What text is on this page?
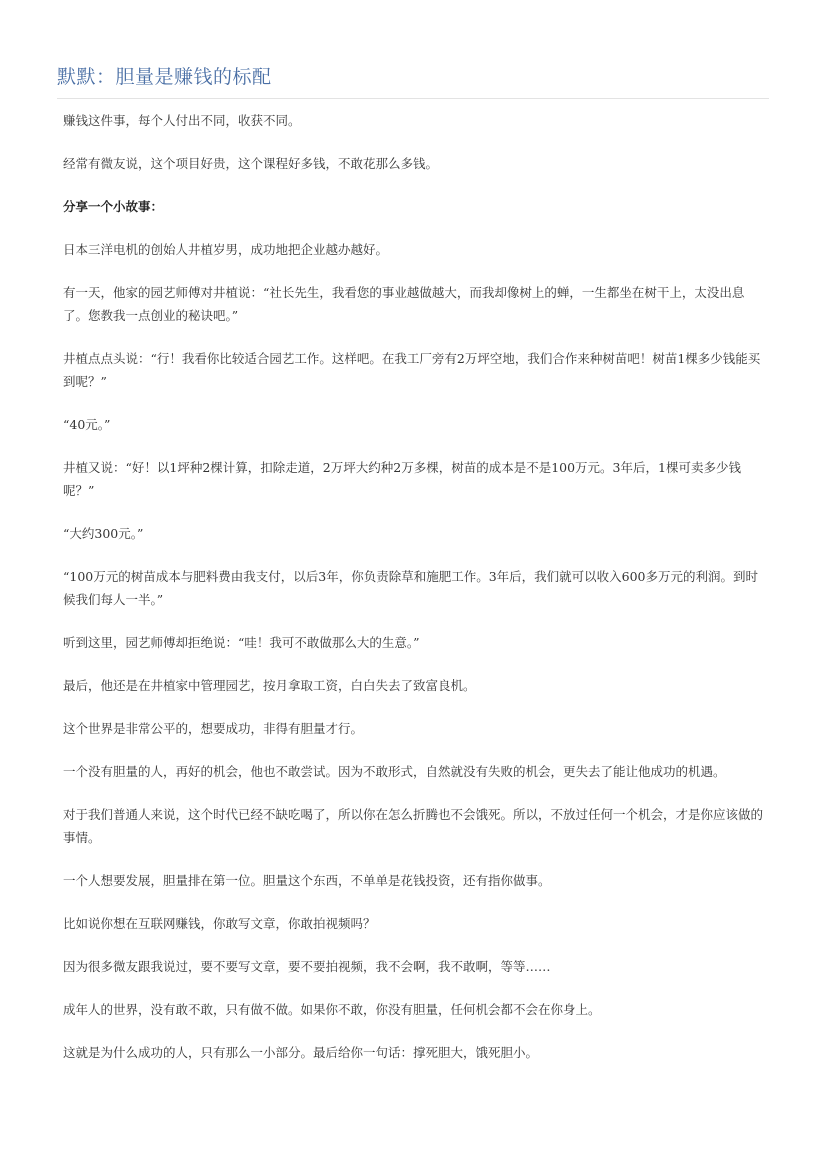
默默：胆量是赚钱的标配

赚钱这件事，每个人付出不同，收获不同。

经常有微友说，这个项目好贵，这个课程好多钱，不敢花那么多钱。

分享一个小故事：

日本三洋电机的创始人井植岁男，成功地把企业越办越好。

有一天，他家的园艺师傅对井植说：“社长先生，我看您的事业越做越大，而我却像树上的蝉，一生都坐在树干上，太没出息了。您教我一点创业的秘诀吧。”

井植点点头说：“行！我看你比较适合园艺工作。这样吧。在我工厂旁有2万坪空地，我们合作来种树苗吧！树苗1棵多少钱能买到呢？”

“40元。”

井植又说：“好！以1坪种2棵计算，扣除走道，2万坪大约种2万多棵，树苗的成本是不是100万元。3年后，1棵可卖多少钱呢？”

“大约300元。”

“100万元的树苗成本与肥料费由我支付，以后3年，你负责除草和施肥工作。3年后，我们就可以收入600多万元的利润。到时候我们每人一半。”

听到这里，园艺师傅却拒绝说：“哇！我可不敢做那么大的生意。”

最后，他还是在井植家中管理园艺，按月拿取工资，白白失去了致富良机。

这个世界是非常公平的，想要成功，非得有胆量才行。

一个没有胆量的人，再好的机会，他也不敢尝试。因为不敢形式，自然就没有失败的机会，更失去了能让他成功的机遇。

对于我们普通人来说，这个时代已经不缺吃喝了，所以你在怎么折腾也不会饿死。所以，不放过任何一个机会，才是你应该做的事情。

一个人想要发展，胆量排在第一位。胆量这个东西，不单单是花钱投资，还有指你做事。

比如说你想在互联网赚钱，你敢写文章，你敢拍视频吗？

因为很多微友跟我说过，要不要写文章，要不要拍视频，我不会啊，我不敢啊，等等……

成年人的世界，没有敢不敢，只有做不做。如果你不敢，你没有胆量，任何机会都不会在你身上。

这就是为什么成功的人，只有那么一小部分。最后给你一句话：撑死胆大，饿死胆小。
